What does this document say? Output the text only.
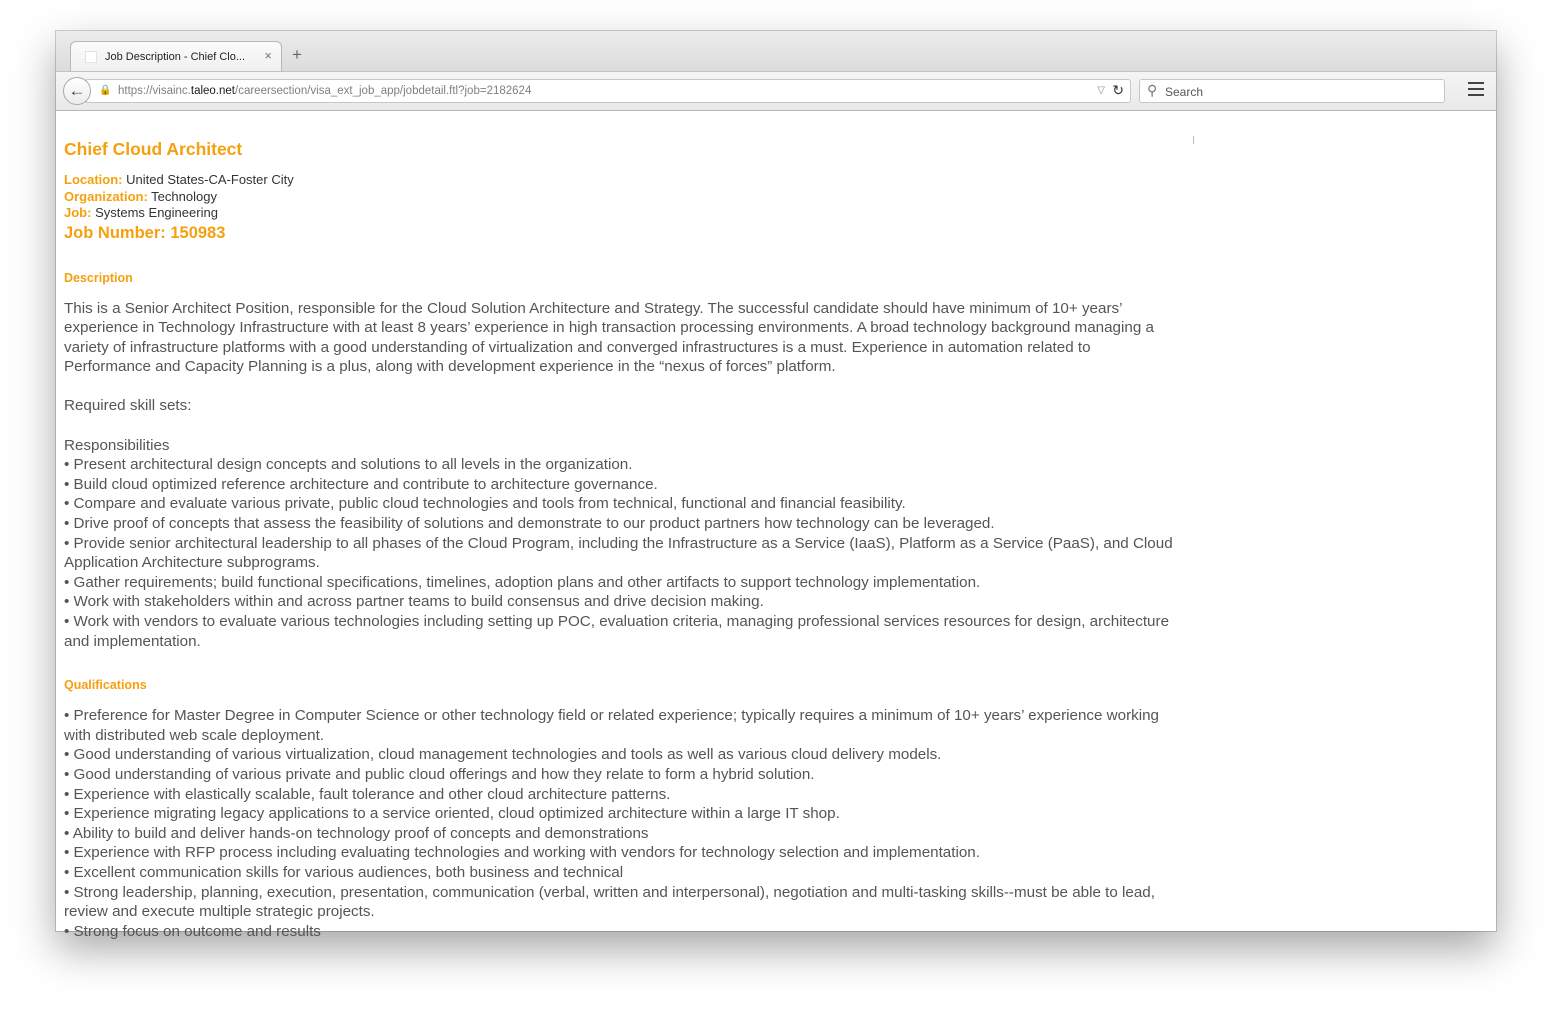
Job Description - Chief Clo... × +
←	🔒 https://visainc.taleo.net/careersection/visa_ext_job_app/jobdetail.ftl?job=2182624	▽ ↻ ⚲ Search
Chief Cloud Architect
Location: United States-CA-Foster City
Organization: Technology
Job: Systems Engineering
Job Number: 150983
Description

This is a Senior Architect Position, responsible for the Cloud Solution Architecture and Strategy. The successful candidate should have minimum of 10+ years’ experience in Technology Infrastructure with at least 8 years’ experience in high transaction processing environments. A broad technology background managing a variety of infrastructure platforms with a good understanding of virtualization and converged infrastructures is a must. Experience in automation related to Performance and Capacity Planning is a plus, along with development experience in the “nexus of forces” platform.

Required skill sets:

Responsibilities

• Present architectural design concepts and solutions to all levels in the organization.

• Build cloud optimized reference architecture and contribute to architecture governance.

• Compare and evaluate various private, public cloud technologies and tools from technical, functional and financial feasibility.

• Drive proof of concepts that assess the feasibility of solutions and demonstrate to our product partners how technology can be leveraged.

• Provide senior architectural leadership to all phases of the Cloud Program, including the Infrastructure as a Service (IaaS), Platform as a Service (PaaS), and Cloud Application Architecture subprograms.

• Gather requirements; build functional specifications, timelines, adoption plans and other artifacts to support technology implementation.

• Work with stakeholders within and across partner teams to build consensus and drive decision making.

• Work with vendors to evaluate various technologies including setting up POC, evaluation criteria, managing professional services resources for design, architecture and implementation.

Qualifications

• Preference for Master Degree in Computer Science or other technology field or related experience; typically requires a minimum of 10+ years’ experience working with distributed web scale deployment.

• Good understanding of various virtualization, cloud management technologies and tools as well as various cloud delivery models.

• Good understanding of various private and public cloud offerings and how they relate to form a hybrid solution.

• Experience with elastically scalable, fault tolerance and other cloud architecture patterns.

• Experience migrating legacy applications to a service oriented, cloud optimized architecture within a large IT shop.

• Ability to build and deliver hands-on technology proof of concepts and demonstrations

• Experience with RFP process including evaluating technologies and working with vendors for technology selection and implementation.

• Excellent communication skills for various audiences, both business and technical

• Strong leadership, planning, execution, presentation, communication (verbal, written and interpersonal), negotiation and multi-tasking skills--must be able to lead, review and execute multiple strategic projects.

• Strong focus on outcome and results
